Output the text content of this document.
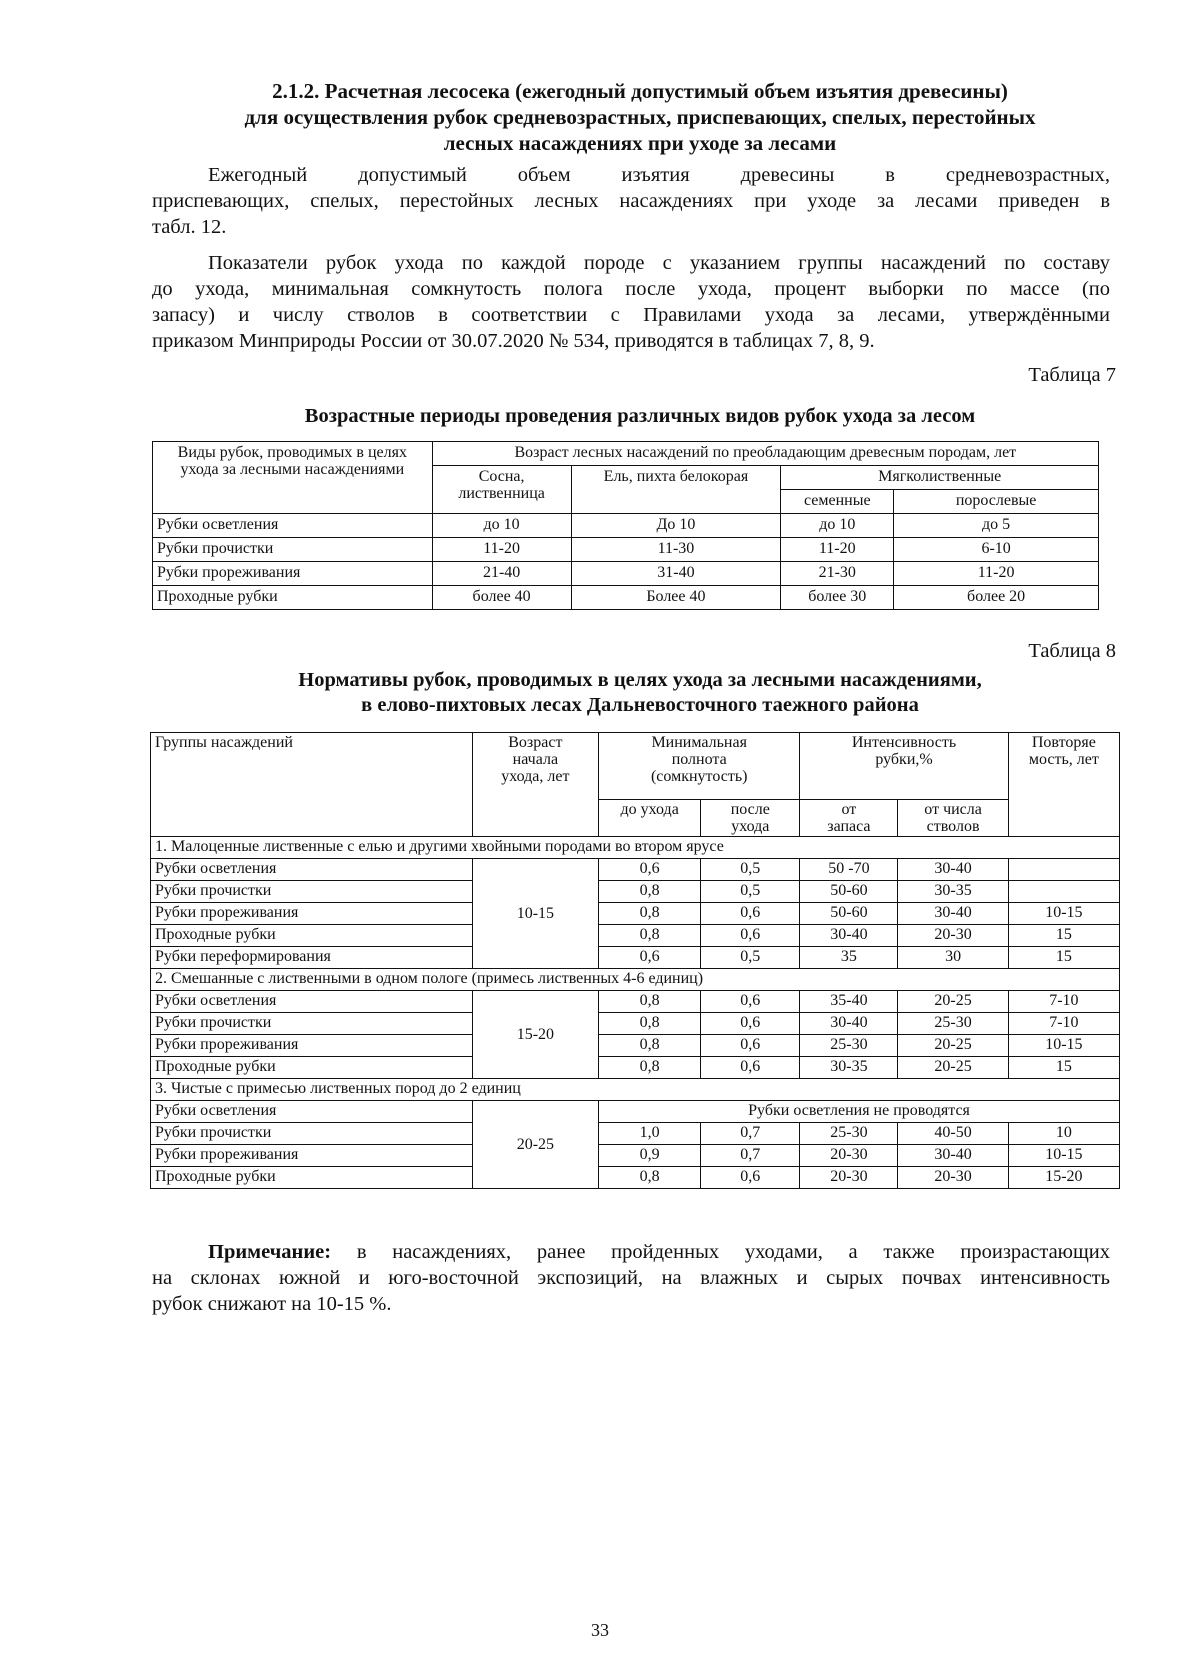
2.1.2. Расчетная лесосека (ежегодный допустимый объем изъятия древесины)
для осуществления рубок средневозрастных, приспевающих, спелых, перестойных
лесных насаждениях при уходе за лесами
Ежегодный допустимый объем изъятия древесины в средневозрастных,
приспевающих, спелых, перестойных лесных насаждениях при уходе за лесами приведен в
табл. 12.
Показатели рубок ухода по каждой породе с указанием группы насаждений по составу
до ухода, минимальная сомкнутость полога после ухода, процент выборки по массе (по
запасу) и числу стволов в соответствии с Правилами ухода за лесами, утверждёнными
приказом Минприроды России от 30.07.2020 № 534, приводятся в таблицах 7, 8, 9.
Таблица 7
Возрастные периоды проведения различных видов рубок ухода за лесом
Виды рубок, проводимых в целях ухода за лесными насаждениями	Возраст лесных насаждений по преобладающим древесным породам, лет			
	Сосна, лиственница	Ель, пихта белокорая	Мягколиственные	
			семенные	порослевые
Рубки осветления	до 10	До 10	до 10	до 5
Рубки прочистки	11-20	11-30	11-20	6-10
Рубки прореживания	21-40	31-40	21-30	11-20
Проходные рубки	более 40	Более 40	более 30	более 20
Таблица 8
Нормативы рубок, проводимых в целях ухода за лесными насаждениями,
в елово-пихтовых лесах Дальневосточного таежного района
Группы насаждений	Возраст начала ухода, лет	Минимальная полнота (сомкнутость)		Интенсивность рубки,%		Повторяе мость, лет
		до ухода	после ухода	от запаса	от числа стволов	
1. Малоценные лиственные с елью и другими хвойными породами во втором ярусе						
Рубки осветления	10-15	0,6	0,5	50 -70	30-40	
Рубки прочистки		0,8	0,5	50-60	30-35	
Рубки прореживания		0,8	0,6	50-60	30-40	10-15
Проходные рубки		0,8	0,6	30-40	20-30	15
Рубки переформирования		0,6	0,5	35	30	15
2. Смешанные с лиственными в одном пологе (примесь лиственных 4-6 единиц)						
Рубки осветления	15-20	0,8	0,6	35-40	20-25	7-10
Рубки прочистки		0,8	0,6	30-40	25-30	7-10
Рубки прореживания		0,8	0,6	25-30	20-25	10-15
Проходные рубки		0,8	0,6	30-35	20-25	15
3. Чистые с примесью лиственных пород до 2 единиц						
Рубки осветления	20-25	Рубки осветления не проводятся				
Рубки прочистки		1,0	0,7	25-30	40-50	10
Рубки прореживания		0,9	0,7	20-30	30-40	10-15
Проходные рубки		0,8	0,6	20-30	20-30	15-20
Примечание: в насаждениях, ранее пройденных уходами, а также произрастающих
на склонах южной и юго-восточной экспозиций, на влажных и сырых почвах интенсивность
рубок снижают на 10-15 %.
33
